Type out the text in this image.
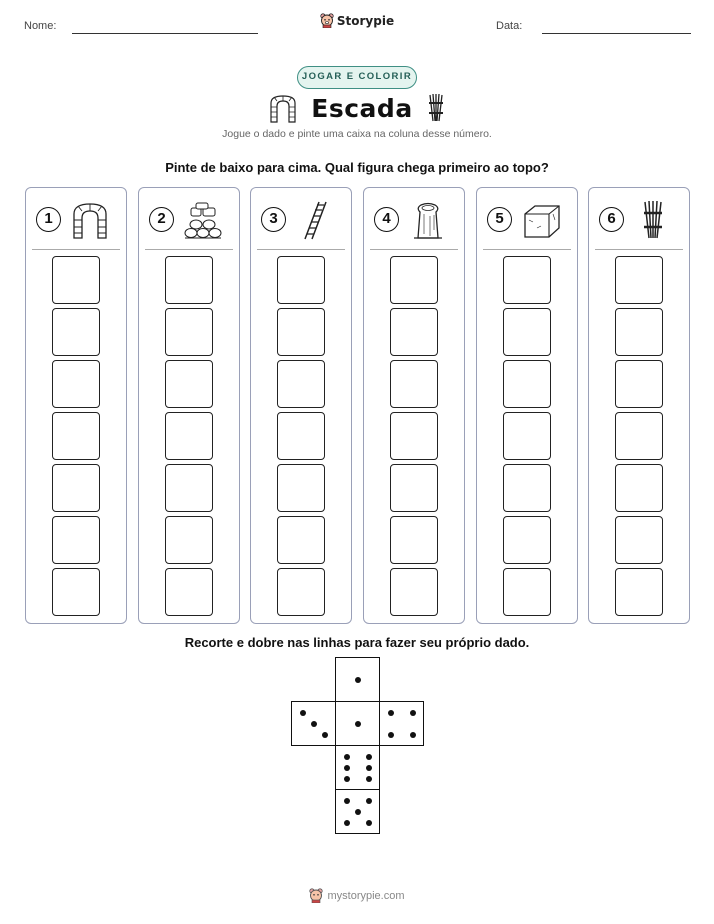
Nome:	Data:
Storypie
JOGAR E COLORIR
Escada
Jogue o dado e pinte uma caixa na coluna desse número.
Pinte de baixo para cima. Qual figura chega primeiro ao topo?
1	2	3	4	5	6
Recorte e dobre nas linhas para fazer seu próprio dado.
mystorypie.com
